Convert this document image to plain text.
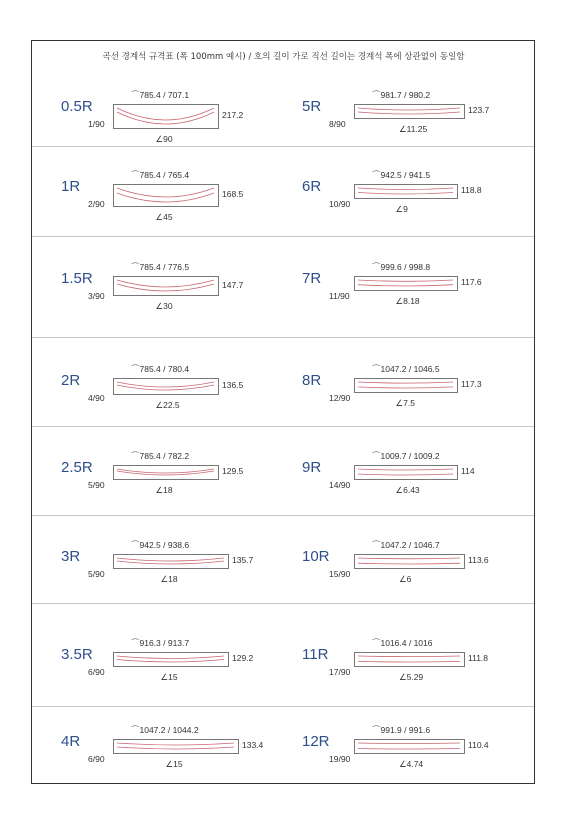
곡선 경계석 규격표 (폭 100mm 예시) / 호의 길이 가로 직선 길이는 경계석 폭에 상관없이 동일함
0.5R
1/90
⌒785.4 / 707.1
217.2
∠90
5R
8/90
⌒981.7 / 980.2
123.7
∠11.25
1R
2/90
⌒785.4 / 765.4
168.5
∠45
6R
10/90
⌒942.5 / 941.5
118.8
∠9
1.5R
3/90
⌒785.4 / 776.5
147.7
∠30
7R
11/90
⌒999.6 / 998.8
117.6
∠8.18
2R
4/90
⌒785.4 / 780.4
136.5
∠22.5
8R
12/90
⌒1047.2 / 1046.5
117.3
∠7.5
2.5R
5/90
⌒785.4 / 782.2
129.5
∠18
9R
14/90
⌒1009.7 / 1009.2
114
∠6.43
3R
5/90
⌒942.5 / 938.6
135.7
∠18
10R
15/90
⌒1047.2 / 1046.7
113.6
∠6
3.5R
6/90
⌒916.3 / 913.7
129.2
∠15
11R
17/90
⌒1016.4 / 1016
111.8
∠5.29
4R
6/90
⌒1047.2 / 1044.2
133.4
∠15
12R
19/90
⌒991.9 / 991.6
110.4
∠4.74
